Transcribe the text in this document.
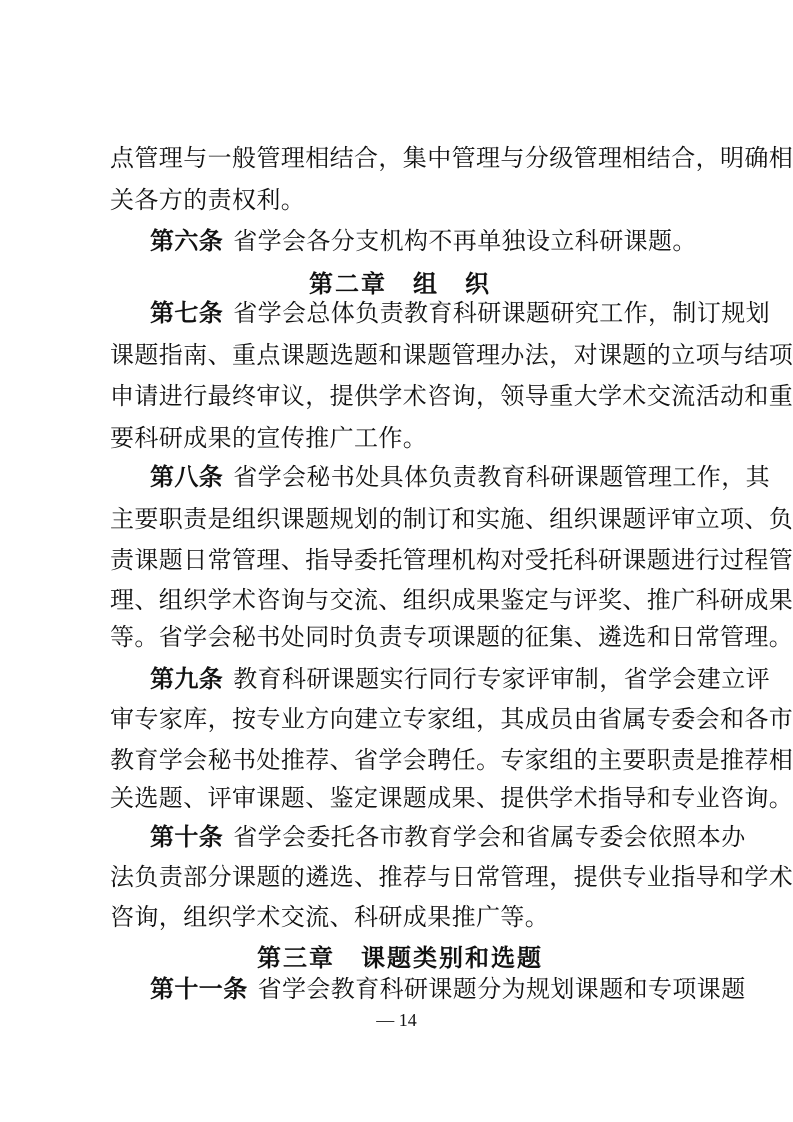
点管理与一般管理相结合，集中管理与分级管理相结合，明确相
关各方的责权利。
第六条 省学会各分支机构不再单独设立科研课题。
第二章　组　织
第七条 省学会总体负责教育科研课题研究工作，制订规划
课题指南、重点课题选题和课题管理办法，对课题的立项与结项
申请进行最终审议，提供学术咨询，领导重大学术交流活动和重
要科研成果的宣传推广工作。
第八条 省学会秘书处具体负责教育科研课题管理工作，其
主要职责是组织课题规划的制订和实施、组织课题评审立项、负
责课题日常管理、指导委托管理机构对受托科研课题进行过程管
理、组织学术咨询与交流、组织成果鉴定与评奖、推广科研成果
等。省学会秘书处同时负责专项课题的征集、遴选和日常管理。
第九条 教育科研课题实行同行专家评审制，省学会建立评
审专家库，按专业方向建立专家组，其成员由省属专委会和各市
教育学会秘书处推荐、省学会聘任。专家组的主要职责是推荐相
关选题、评审课题、鉴定课题成果、提供学术指导和专业咨询。
第十条 省学会委托各市教育学会和省属专委会依照本办
法负责部分课题的遴选、推荐与日常管理，提供专业指导和学术
咨询，组织学术交流、科研成果推广等。
第三章　课题类别和选题
第十一条 省学会教育科研课题分为规划课题和专项课题
— 14
